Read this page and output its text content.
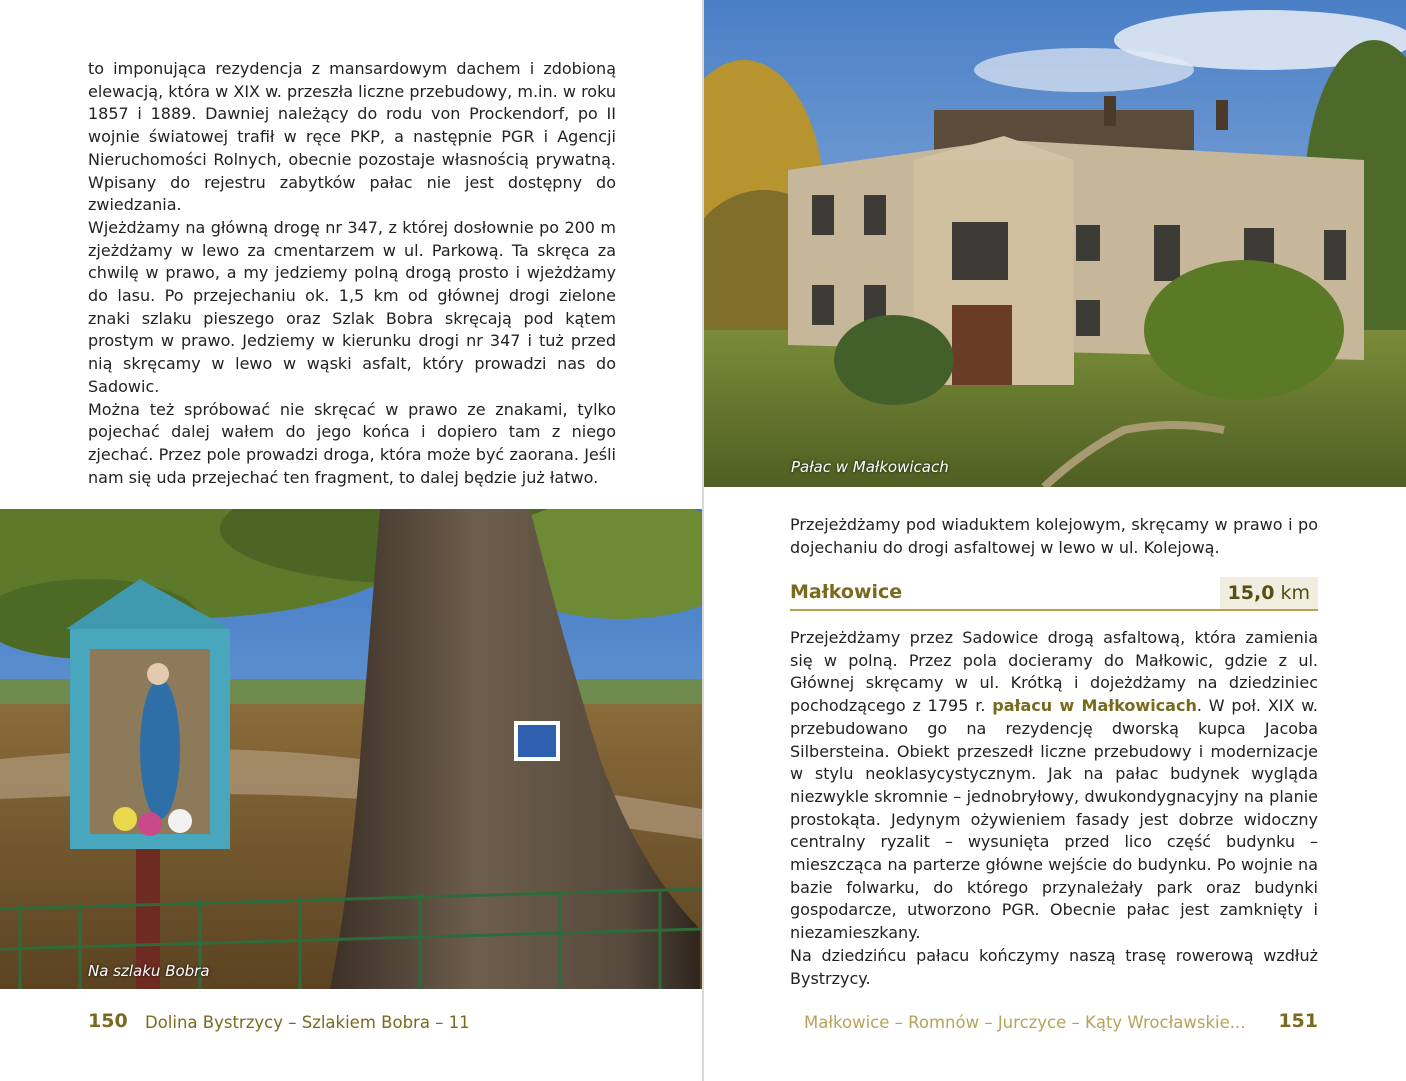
to imponująca rezydencja z mansardowym dachem i zdobioną elewacją, która w XIX w. przeszła liczne przebudowy, m.in. w roku 1857 i 1889. Dawniej należący do rodu von Prockendorf, po II wojnie światowej trafił w ręce PKP, a następnie PGR i Agencji Nieruchomości Rolnych, obecnie pozostaje własnością prywatną. Wpisany do rejestru zabytków pałac nie jest dostępny do zwiedzania.

Wjeżdżamy na główną drogę nr 347, z której dosłownie po 200 m zjeżdżamy w lewo za cmentarzem w ul. Parkową. Ta skręca za chwilę w prawo, a my jedziemy polną drogą prosto i wjeżdżamy do lasu. Po przejechaniu ok. 1,5 km od głównej drogi zielone znaki szlaku pieszego oraz Szlak Bobra skręcają pod kątem prostym w prawo. Jedziemy w kierunku drogi nr 347 i tuż przed nią skręcamy w lewo w wąski asfalt, który prowadzi nas do Sadowic.

Można też spróbować nie skręcać w prawo ze znakami, tylko pojechać dalej wałem do jego końca i dopiero tam z niego zjechać. Przez pole prowadzi droga, która może być zaorana. Jeśli nam się uda przejechać ten fragment, to dalej będzie już łatwo.

Na szlaku Bobra
Pałac w Małkowicach

Przejeżdżamy pod wiaduktem kolejowym, skręcamy w prawo i po dojechaniu do drogi asfaltowej w lewo w ul. Kolejową.

Małkowice	15,0 km

Przejeżdżamy przez Sadowice drogą asfaltową, która zamienia się w polną. Przez pola docieramy do Małkowic, gdzie z ul. Głównej skręcamy w ul. Krótką i dojeżdżamy na dziedziniec pochodzącego z 1795 r. pałacu w Małkowicach. W poł. XIX w. przebudowano go na rezydencję dworską kupca Jacoba Silbersteina. Obiekt przeszedł liczne przebudowy i modernizacje w stylu neoklasycystycznym. Jak na pałac budynek wygląda niezwykle skromnie – jednobryłowy, dwukondygnacyjny na planie prostokąta. Jedynym ożywieniem fasady jest dobrze widoczny centralny ryzalit – wysunięta przed lico część budynku – mieszcząca na parterze główne wejście do budynku. Po wojnie na bazie folwarku, do którego przynależały park oraz budynki gospodarcze, utworzono PGR. Obecnie pałac jest zamknięty i niezamieszkany.

Na dziedzińcu pałacu kończymy naszą trasę rowerową wzdłuż Bystrzycy.

150 Dolina Bystrzycy – Szlakiem Bobra – 11	Małkowice – Romnów – Jurczyce – Kąty Wrocławskie... 151
